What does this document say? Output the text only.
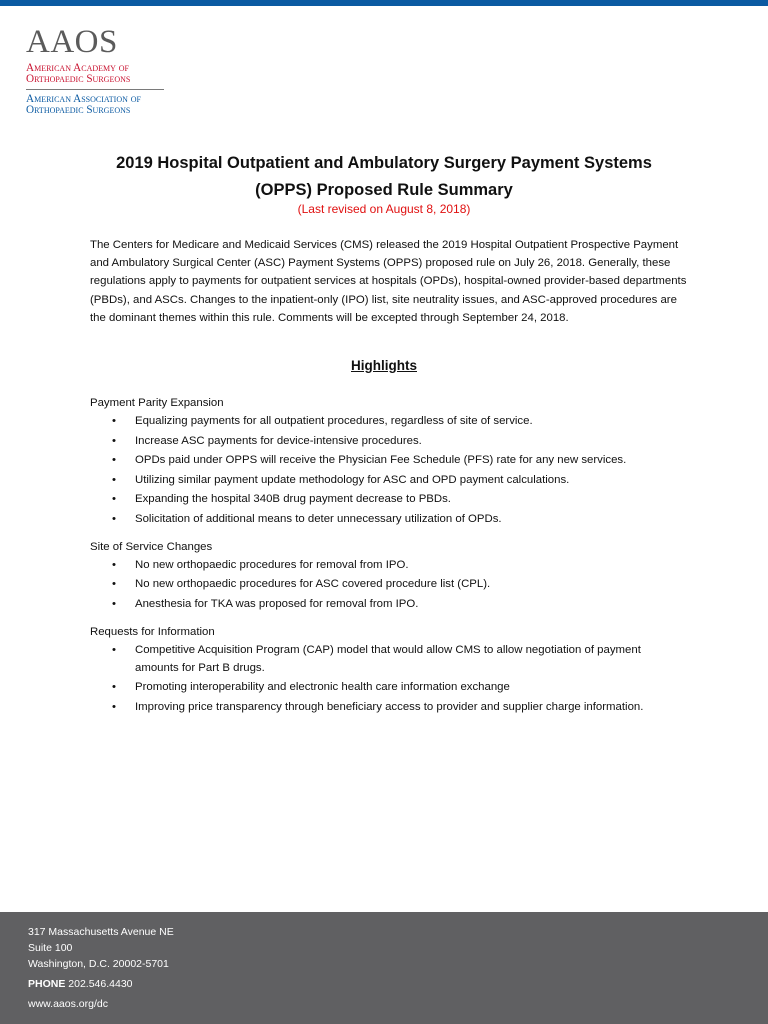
AAOS
American Academy of
Orthopaedic Surgeons
American Association of
Orthopaedic Surgeons
2019 Hospital Outpatient and Ambulatory Surgery Payment Systems
(OPPS) Proposed Rule Summary
(Last revised on August 8, 2018)
The Centers for Medicare and Medicaid Services (CMS) released the 2019 Hospital Outpatient Prospective Payment and Ambulatory Surgical Center (ASC) Payment Systems (OPPS) proposed rule on July 26, 2018. Generally, these regulations apply to payments for outpatient services at hospitals (OPDs), hospital-owned provider-based departments (PBDs), and ASCs. Changes to the inpatient-only (IPO) list, site neutrality issues, and ASC-approved procedures are the dominant themes within this rule. Comments will be excepted through September 24, 2018.
Highlights
Payment Parity Expansion
• Equalizing payments for all outpatient procedures, regardless of site of service.
• Increase ASC payments for device-intensive procedures.
• OPDs paid under OPPS will receive the Physician Fee Schedule (PFS) rate for any new services.
• Utilizing similar payment update methodology for ASC and OPD payment calculations.
• Expanding the hospital 340B drug payment decrease to PBDs.
• Solicitation of additional means to deter unnecessary utilization of OPDs.
Site of Service Changes
• No new orthopaedic procedures for removal from IPO.
• No new orthopaedic procedures for ASC covered procedure list (CPL).
• Anesthesia for TKA was proposed for removal from IPO.
Requests for Information
• Competitive Acquisition Program (CAP) model that would allow CMS to allow negotiation of payment amounts for Part B drugs.
• Promoting interoperability and electronic health care information exchange
• Improving price transparency through beneficiary access to provider and supplier charge information.
317 Massachusetts Avenue NE
Suite 100
Washington, D.C. 20002-5701
PHONE 202.546.4430
www.aaos.org/dc
